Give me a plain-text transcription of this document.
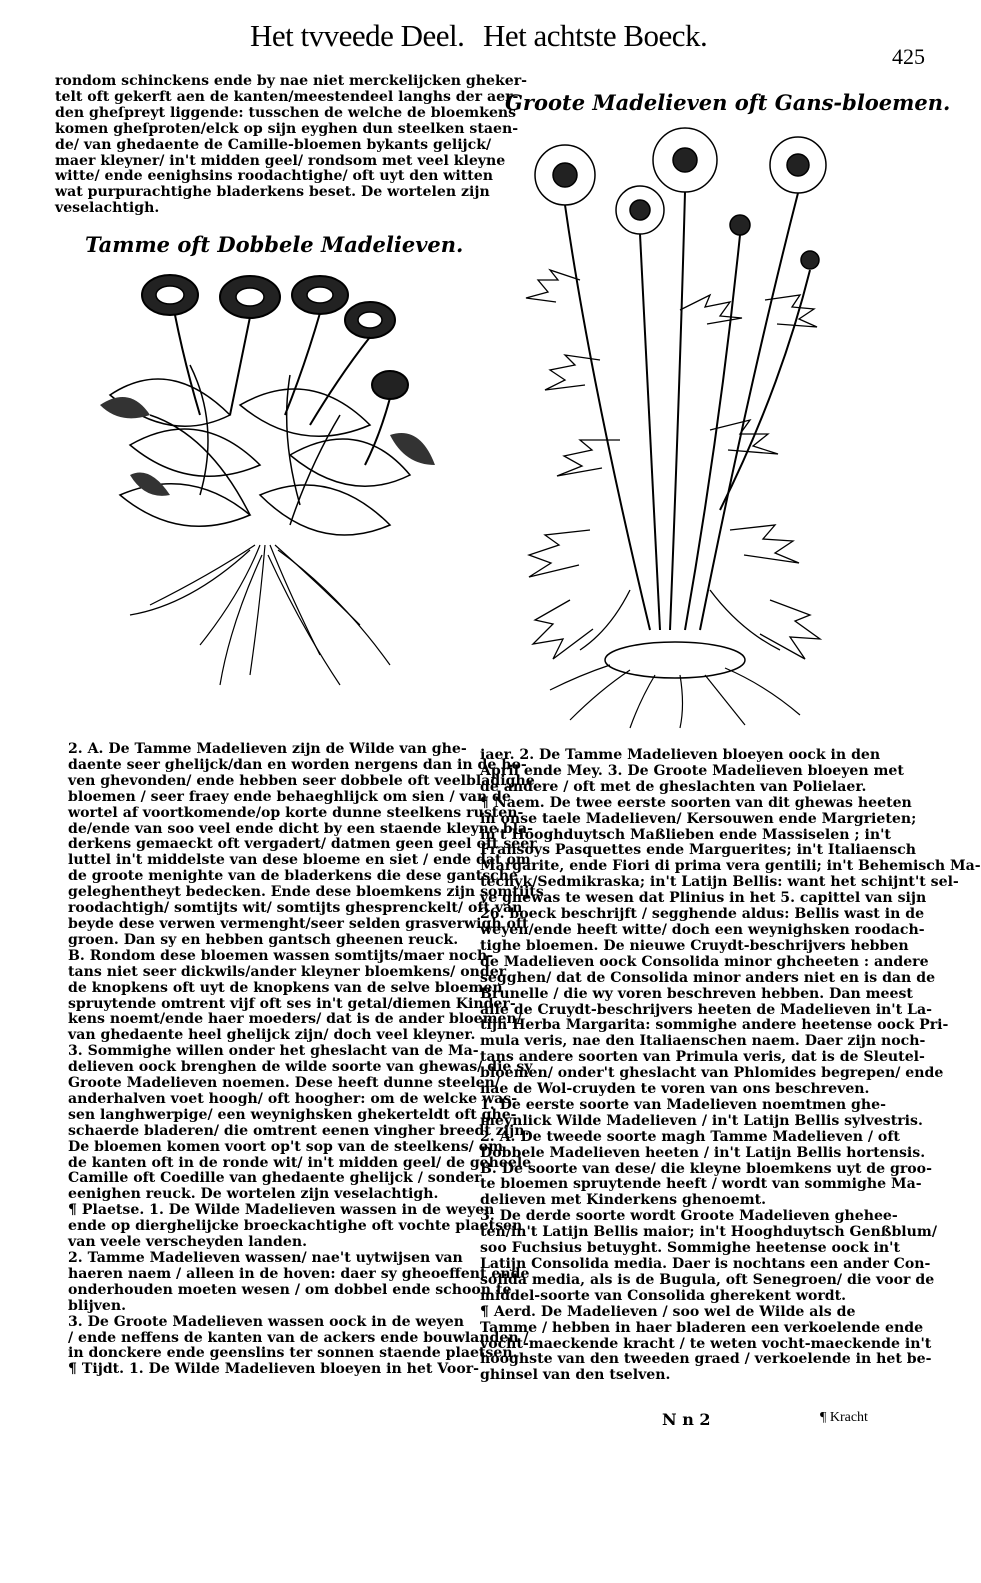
Het tvveede Deel. Het achtste Boeck.
425

rondom schinckens ende by nae niet merckelijcken gheker-

telt oft gekerft aen de kanten/meestendeel langhs der aer-

den gheſpreyt liggende: tusschen de welche de bloemkens

komen gheſproten/elck op sijn eyghen dun steelken staen-

de/ van ghedaente de Camille-bloemen bykants gelijck/

maer kleyner/ in't midden geel/ rondsom met veel kleyne

witte/ ende eenighsins roodachtighe/ oft uyt den witten

wat purpurachtighe bladerkens beset. De wortelen zijn

veselachtigh.

Tamme oft Dobbele Madelieven.
Groote Madelieven oft Gans-bloemen.

2. A. De Tamme Madelieven zijn de Wilde van ghe-

daente seer ghelijck/dan en worden nergens dan in de ho-

ven ghevonden/ ende hebben seer dobbele oft veelbladighe

bloemen / seer fraey ende behaeghlijck om sien / van de

wortel af voortkomende/op korte dunne steelkens rusten-

de/ende van soo veel ende dicht by een staende kleyne bla-

derkens gemaeckt oft vergadert/ datmen geen geel oft seer

luttel in't middelste van dese bloeme en siet / ende dat om

de groote menighte van de bladerkens die dese gantsche

geleghentheyt bedecken. Ende dese bloemkens zijn somtijts

roodachtigh/ somtijts wit/ somtijts ghesprenckelt/ oft van

beyde dese verwen vermenght/seer selden grasverwigh oft

groen. Dan sy en hebben gantsch gheenen reuck.

B. Rondom dese bloemen wassen somtijts/maer noch-

tans niet seer dickwils/ander kleyner bloemkens/ onder

de knopkens oft uyt de knopkens van de selve bloemen

spruytende omtrent vijf oft ses in't getal/diemen Kinder-

kens noemt/ende haer moeders/ dat is de ander bloemen/

van ghedaente heel ghelijck zijn/ doch veel kleyner.

3. Sommighe willen onder het gheslacht van de Ma-

delieven oock brenghen de wilde soorte van ghewas/ die sy

Groote Madelieven noemen. Dese heeft dunne steelen/

anderhalven voet hoogh/ oft hoogher: om de welcke was-

sen langhwerpige/ een weynighsken ghekerteldt oft ghe-

schaerde bladeren/ die omtrent eenen vingher breedt zijn.

De bloemen komen voort op't sop van de steelkens/ om

de kanten oft in de ronde wit/ in't midden geel/ de geheele

Camille oft Coedille van ghedaente ghelijck / sonder

eenighen reuck. De wortelen zijn veselachtigh.

¶ Plaetse. 1. De Wilde Madelieven wassen in de weyen

ende op dierghelijcke broeckachtighe oft vochte plaetsen

van veele verscheyden landen.

2. Tamme Madelieven wassen/ nae't uytwijsen van

haeren naem / alleen in de hoven: daer sy gheoeffent ende

onderhouden moeten wesen / om dobbel ende schoon te

blijven.

3. De Groote Madelieven wassen oock in de weyen

/ ende neffens de kanten van de ackers ende bouwlanden /

in donckere ende geenslins ter sonnen staende plaetsen.

¶ Tijdt. 1. De Wilde Madelieven bloeyen in het Voor-

iaer. 2. De Tamme Madelieven bloeyen oock in den

April ende Mey. 3. De Groote Madelieven bloeyen met

de andere / oft met de gheslachten van Polielaer.

¶ Naem. De twee eerste soorten van dit ghewas heeten

in onse taele Madelieven/ Kersouwen ende Margrieten;

in't Hooghduytsch Maßlieben ende Massiselen ; in't

Fransoys Pasquettes ende Marguerites; in't Italiaensch

Margarite, ende Fiori di prima vera gentili; in't Behemisch Ma-

tecnyk/Sedmikraska; in't Latijn Bellis: want het schijnt't sel-

ve ghewas te wesen dat Plinius in het 5. capittel van sijn

26. boeck beschrijft / segghende aldus: Bellis wast in de

weyen/ende heeft witte/ doch een weynighsken roodach-

tighe bloemen. De nieuwe Cruydt-beschrijvers hebben

de Madelieven oock Consolida minor ghcheeten : andere

segghen/ dat de Consolida minor anders niet en is dan de

Brunelle / die wy voren beschreven hebben. Dan meest

alle de Cruydt-beschrijvers heeten de Madelieven in't La-

tijn Herba Margarita: sommighe andere heetense oock Pri-

mula veris, nae den Italiaenschen naem. Daer zijn noch-

tans andere soorten van Primula veris, dat is de Sleutel-

bloemen/ onder't gheslacht van Phlomides begrepen/ ende

nae de Wol-cruyden te voren van ons beschreven.

1. De eerste soorte van Madelieven noemtmen ghe-

meynlick Wilde Madelieven / in't Latijn Bellis sylvestris.

2. A. De tweede soorte magh Tamme Madelieven / oft

Dobbele Madelieven heeten / in't Latijn Bellis hortensis.

B. De soorte van dese/ die kleyne bloemkens uyt de groo-

te bloemen spruytende heeft / wordt van sommighe Ma-

delieven met Kinderkens ghenoemt.

3. De derde soorte wordt Groote Madelieven ghehee-

ten/in't Latijn Bellis maior; in't Hooghduytsch Genßblum/

soo Fuchsius betuyght. Sommighe heetense oock in't

Latijn Consolida media. Daer is nochtans een ander Con-

solida media, als is de Bugula, oft Senegroen/ die voor de

middel-soorte van Consolida gherekent wordt.

¶ Aerd. De Madelieven / soo wel de Wilde als de

Tamme / hebben in haer bladeren een verkoelende ende

vocht-maeckende kracht / te weten vocht-maeckende in't

hooghste van den tweeden graed / verkoelende in het be-

ghinsel van den tselven.

N n 2	¶ Kracht
